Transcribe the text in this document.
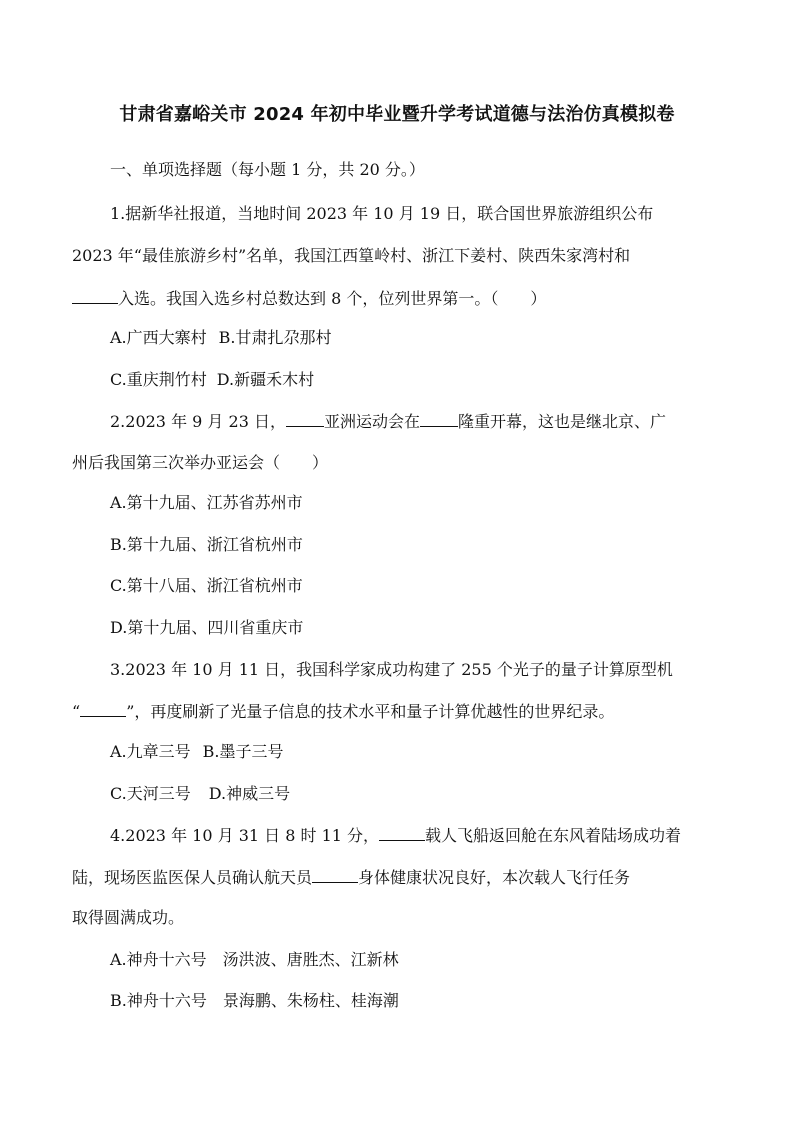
甘肃省嘉峪关市 2024 年初中毕业暨升学考试道德与法治仿真模拟卷
一、单项选择题（每小题 1 分，共 20 分。）
1.据新华社报道，当地时间 2023 年 10 月 19 日，联合国世界旅游组织公布
2023 年“最佳旅游乡村”名单，我国江西篁岭村、浙江下姜村、陕西朱家湾村和
入选。我国入选乡村总数达到 8 个，位列世界第一。（　　）
A.广西大寨村 B.甘肃扎尕那村
C.重庆荆竹村 D.新疆禾木村
2.2023 年 9 月 23 日， 亚洲运动会在 隆重开幕，这也是继北京、广
州后我国第三次举办亚运会（　　）
A.第十九届、江苏省苏州市
B.第十九届、浙江省杭州市
C.第十八届、浙江省杭州市
D.第十九届、四川省重庆市
3.2023 年 10 月 11 日，我国科学家成功构建了 255 个光子的量子计算原型机
“	”，再度刷新了光量子信息的技术水平和量子计算优越性的世界纪录。
A.九章三号 B.墨子三号
C.天河三号 D.神威三号
4.2023 年 10 月 31 日 8 时 11 分，	载人飞船返回舱在东风着陆场成功着
陆，现场医监医保人员确认航天员	身体健康状况良好，本次载人飞行任务
取得圆满成功。
A.神舟十六号　汤洪波、唐胜杰、江新林
B.神舟十六号　景海鹏、朱杨柱、桂海潮
